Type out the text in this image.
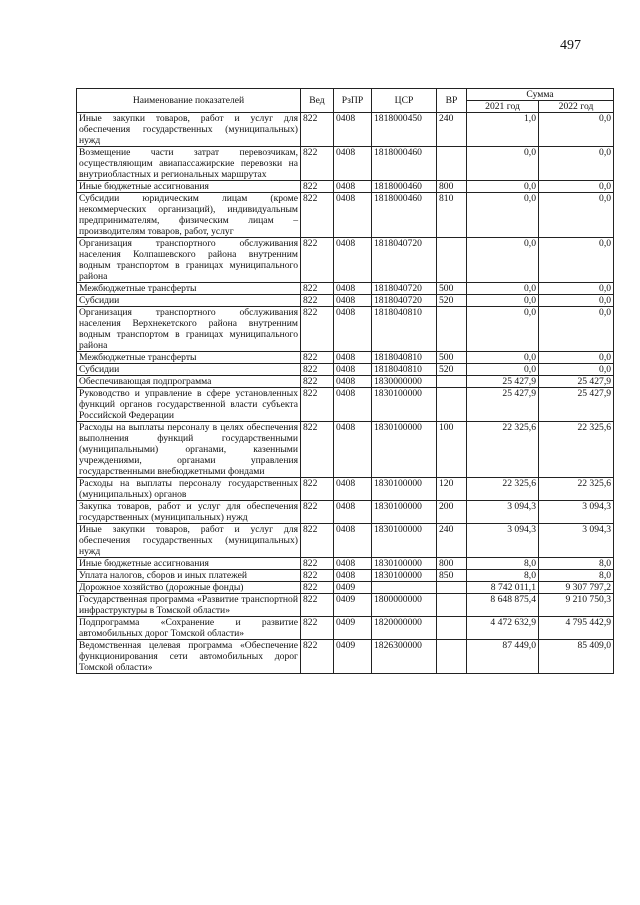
497
Наименование показателей	Вед	РзПР	ЦСР	ВР	Сумма	
					2021 год	2022 год
Иные закупки товаров, работ и услуг для обеспечения государственных (муниципальных) нужд	822	0408	1818000450	240	1,0	0,0
Возмещение части затрат перевозчикам, осуществляющим авиапассажирские перевозки на внутриобластных и региональных маршрутах	822	0408	1818000460		0,0	0,0
Иные бюджетные ассигнования	822	0408	1818000460	800	0,0	0,0
Субсидии юридическим лицам (кроме некоммерческих организаций), индивидуальным предпринимателям, физическим лицам – производителям товаров, работ, услуг	822	0408	1818000460	810	0,0	0,0
Организация транспортного обслуживания населения Колпашевского района внутренним водным транспортом в границах муниципального района	822	0408	1818040720		0,0	0,0
Межбюджетные трансферты	822	0408	1818040720	500	0,0	0,0
Субсидии	822	0408	1818040720	520	0,0	0,0
Организация транспортного обслуживания населения Верхнекетского района внутренним водным транспортом в границах муниципального района	822	0408	1818040810		0,0	0,0
Межбюджетные трансферты	822	0408	1818040810	500	0,0	0,0
Субсидии	822	0408	1818040810	520	0,0	0,0
Обеспечивающая подпрограмма	822	0408	1830000000		25 427,9	25 427,9
Руководство и управление в сфере установленных функций органов государственной власти субъекта Российской Федерации	822	0408	1830100000		25 427,9	25 427,9
Расходы на выплаты персоналу в целях обеспечения выполнения функций государственными (муниципальными) органами, казенными учреждениями, органами управления государственными внебюджетными фондами	822	0408	1830100000	100	22 325,6	22 325,6
Расходы на выплаты персоналу государственных (муниципальных) органов	822	0408	1830100000	120	22 325,6	22 325,6
Закупка товаров, работ и услуг для обеспечения государственных (муниципальных) нужд	822	0408	1830100000	200	3 094,3	3 094,3
Иные закупки товаров, работ и услуг для обеспечения государственных (муниципальных) нужд	822	0408	1830100000	240	3 094,3	3 094,3
Иные бюджетные ассигнования	822	0408	1830100000	800	8,0	8,0
Уплата налогов, сборов и иных платежей	822	0408	1830100000	850	8,0	8,0
Дорожное хозяйство (дорожные фонды)	822	0409			8 742 011,1	9 307 797,2
Государственная программа «Развитие транспортной инфраструктуры в Томской области»	822	0409	1800000000		8 648 875,4	9 210 750,3
Подпрограмма «Сохранение и развитие автомобильных дорог Томской области»	822	0409	1820000000		4 472 632,9	4 795 442,9
Ведомственная целевая программа «Обеспечение функционирования сети автомобильных дорог Томской области»	822	0409	1826300000		87 449,0	85 409,0
